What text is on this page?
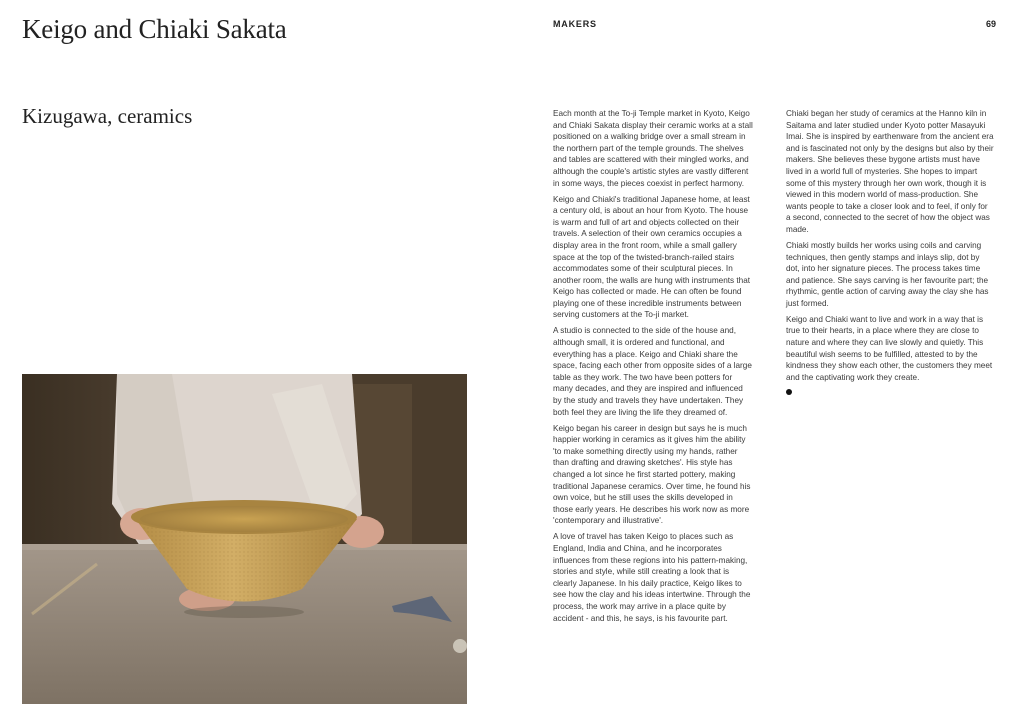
Keigo and Chiaki Sakata	MAKERS	69
Kizugawa, ceramics	Each month at the To-ji Temple market in Kyoto, Keigo and Chiaki Sakata display their ceramic works at a stall positioned on a walking bridge over a small stream in the northern part of the temple grounds. The shelves and tables are scattered with their mingled works, and although the couple's artistic styles are vastly different in some ways, the pieces coexist in perfect harmony.

Keigo and Chiaki's traditional Japanese home, at least a century old, is about an hour from Kyoto. The house is warm and full of art and objects collected on their travels. A selection of their own ceramics occupies a display area in the front room, while a small gallery space at the top of the twisted-branch-railed stairs accommodates some of their sculptural pieces. In another room, the walls are hung with instruments that Keigo has collected or made. He can often be found playing one of these incredible instruments between serving customers at the To-ji market.

A studio is connected to the side of the house and, although small, it is ordered and functional, and everything has a place. Keigo and Chiaki share the space, facing each other from opposite sides of a large table as they work. The two have been potters for many decades, and they are inspired and influenced by the study and travels they have undertaken. They both feel they are living the life they dreamed of.

Keigo began his career in design but says he is much happier working in ceramics as it gives him the ability 'to make something directly using my hands, rather than drafting and drawing sketches'. His style has changed a lot since he first started pottery, making traditional Japanese ceramics. Over time, he found his own voice, but he still uses the skills developed in those early years. He describes his work now as more 'contemporary and illustrative'.

A love of travel has taken Keigo to places such as England, India and China, and he incorporates influences from these regions into his pattern-making, stories and style, while still creating a look that is clearly Japanese. In his daily practice, Keigo likes to see how the clay and his ideas intertwine. Through the process, the work may arrive in a place quite by accident - and this, he says, is his favourite part.

Chiaki began her study of ceramics at the Hanno kiln in Saitama and later studied under Kyoto potter Masayuki Imai. She is inspired by earthenware from the ancient era and is fascinated not only by the designs but also by their makers. She believes these bygone artists must have lived in a world full of mysteries. She hopes to impart some of this mystery through her own work, though it is viewed in this modern world of mass-production. She wants people to take a closer look and to feel, if only for a second, connected to the secret of how the object was made.

Chiaki mostly builds her works using coils and carving techniques, then gently stamps and inlays slip, dot by dot, into her signature pieces. The process takes time and patience. She says carving is her favourite part; the rhythmic, gentle action of carving away the clay she has just formed.

Keigo and Chiaki want to live and work in a way that is true to their hearts, in a place where they are close to nature and where they can live slowly and quietly. This beautiful wish seems to be fulfilled, attested to by the kindness they show each other, the customers they meet and the captivating work they create.
